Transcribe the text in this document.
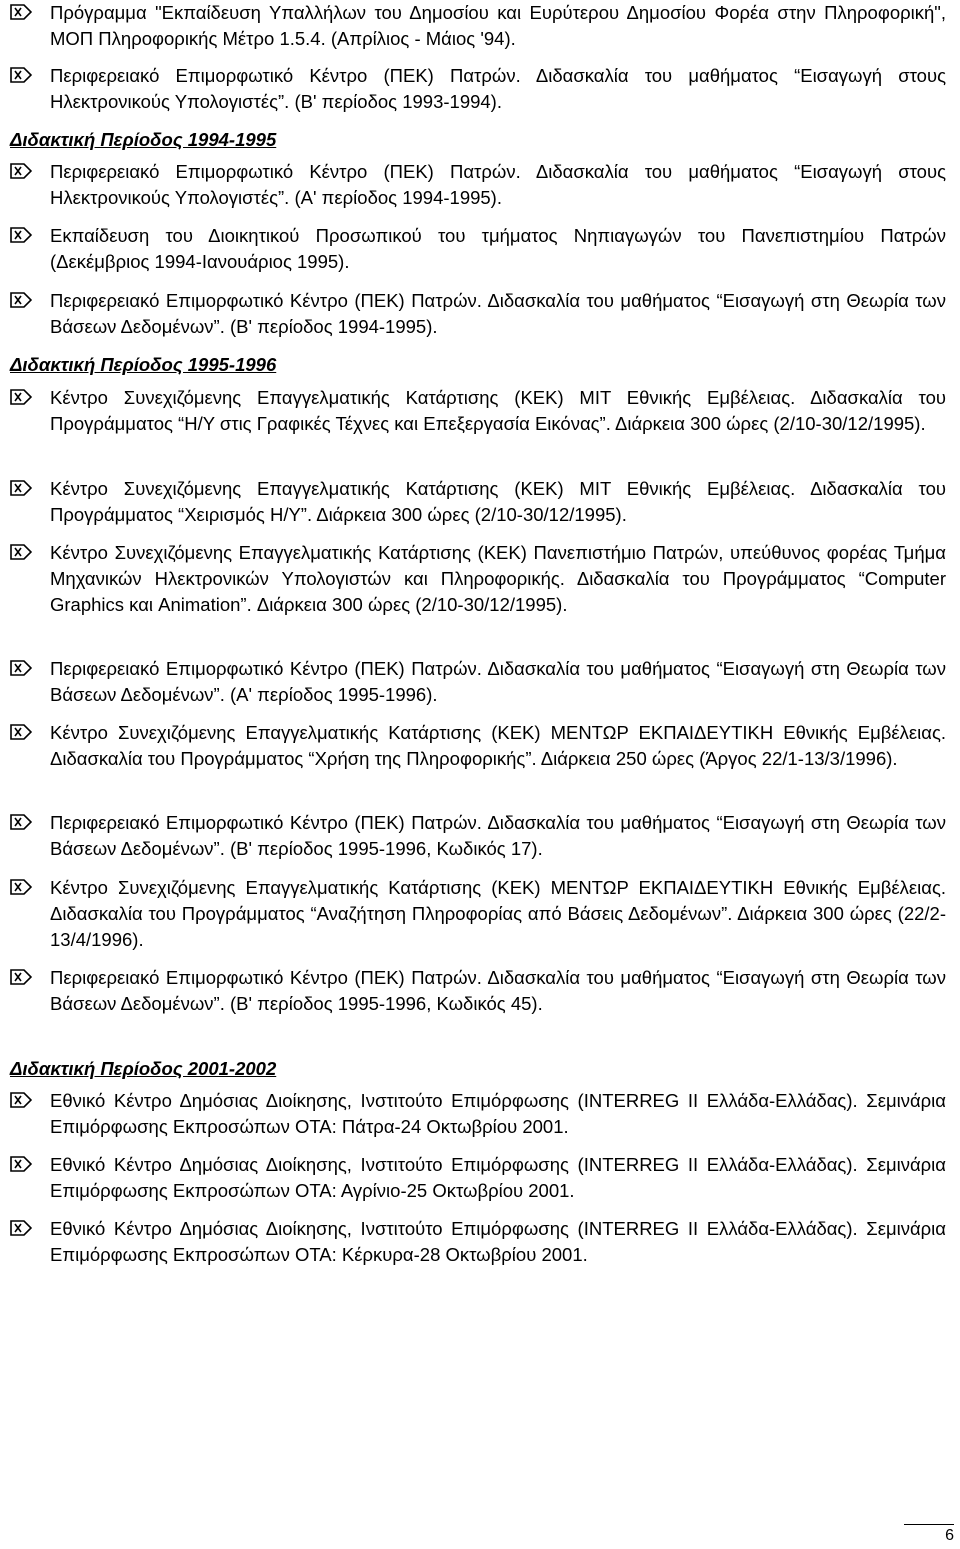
Πρόγραμμα "Εκπαίδευση Υπαλλήλων του Δημοσίου και Ευρύτερου Δημοσίου Φορέα στην Πληροφορική", ΜΟΠ Πληροφορικής Μέτρο 1.5.4. (Απρίλιος - Μάιος '94).
Περιφερειακό Επιμορφωτικό Κέντρο (ΠΕΚ) Πατρών. Διδασκαλία του μαθήματος “Εισαγωγή στους Ηλεκτρονικούς Υπολογιστές”. (Β' περίοδος 1993-1994).
Διδακτική Περίοδος 1994-1995
Περιφερειακό Επιμορφωτικό Κέντρο (ΠΕΚ) Πατρών. Διδασκαλία του μαθήματος “Εισαγωγή στους Ηλεκτρονικούς Υπολογιστές”. (Α' περίοδος 1994-1995).
Εκπαίδευση του Διοικητικού Προσωπικού του τμήματος Νηπιαγωγών του Πανεπιστημίου Πατρών (Δεκέμβριος 1994-Ιανουάριος 1995).
Περιφερειακό Επιμορφωτικό Κέντρο (ΠΕΚ) Πατρών. Διδασκαλία του μαθήματος “Εισαγωγή στη Θεωρία των Βάσεων Δεδομένων”. (Β' περίοδος 1994-1995).
Διδακτική Περίοδος 1995-1996
Κέντρο Συνεχιζόμενης Επαγγελματικής Κατάρτισης (ΚΕΚ) ΜΙΤ Εθνικής Εμβέλειας. Διδασκαλία του Προγράμματος “Η/Υ στις Γραφικές Τέχνες και Επεξεργασία Εικόνας”. Διάρκεια 300 ώρες (2/10-30/12/1995).
Κέντρο Συνεχιζόμενης Επαγγελματικής Κατάρτισης (ΚΕΚ) ΜΙΤ Εθνικής Εμβέλειας. Διδασκαλία του Προγράμματος “Χειρισμός Η/Υ”. Διάρκεια 300 ώρες (2/10-30/12/1995).
Κέντρο Συνεχιζόμενης Επαγγελματικής Κατάρτισης (ΚΕΚ) Πανεπιστήμιο Πατρών, υπεύθυνος φορέας Τμήμα Μηχανικών Ηλεκτρονικών Υπολογιστών και Πληροφορικής. Διδασκαλία του Προγράμματος “Computer Graphics και Animation”. Διάρκεια 300 ώρες (2/10-30/12/1995).
Περιφερειακό Επιμορφωτικό Κέντρο (ΠΕΚ) Πατρών. Διδασκαλία του μαθήματος “Εισαγωγή στη Θεωρία των Βάσεων Δεδομένων”. (Α' περίοδος 1995-1996).
Κέντρο Συνεχιζόμενης Επαγγελματικής Κατάρτισης (ΚΕΚ) ΜΕΝΤΩΡ ΕΚΠΑΙΔΕΥΤΙΚΗ Εθνικής Εμβέλειας. Διδασκαλία του Προγράμματος “Χρήση της Πληροφορικής”. Διάρκεια 250 ώρες (Άργος 22/1-13/3/1996).
Περιφερειακό Επιμορφωτικό Κέντρο (ΠΕΚ) Πατρών. Διδασκαλία του μαθήματος “Εισαγωγή στη Θεωρία των Βάσεων Δεδομένων”. (Β' περίοδος 1995-1996, Κωδικός 17).
Κέντρο Συνεχιζόμενης Επαγγελματικής Κατάρτισης (ΚΕΚ) ΜΕΝΤΩΡ ΕΚΠΑΙΔΕΥΤΙΚΗ Εθνικής Εμβέλειας. Διδασκαλία του Προγράμματος “Αναζήτηση Πληροφορίας από Βάσεις Δεδομένων”. Διάρκεια 300 ώρες (22/2-13/4/1996).
Περιφερειακό Επιμορφωτικό Κέντρο (ΠΕΚ) Πατρών. Διδασκαλία του μαθήματος “Εισαγωγή στη Θεωρία των Βάσεων Δεδομένων”. (Β' περίοδος 1995-1996, Κωδικός 45).
Διδακτική Περίοδος 2001-2002
Εθνικό Κέντρο Δημόσιας Διοίκησης, Ινστιτούτο Επιμόρφωσης (INTERREG II Ελλάδα-Ελλάδας). Σεμινάρια Επιμόρφωσης Εκπροσώπων ΟΤΑ: Πάτρα-24 Οκτωβρίου 2001.
Εθνικό Κέντρο Δημόσιας Διοίκησης, Ινστιτούτο Επιμόρφωσης (INTERREG II Ελλάδα-Ελλάδας). Σεμινάρια Επιμόρφωσης Εκπροσώπων ΟΤΑ: Αγρίνιο-25 Οκτωβρίου 2001.
Εθνικό Κέντρο Δημόσιας Διοίκησης, Ινστιτούτο Επιμόρφωσης (INTERREG II Ελλάδα-Ελλάδας). Σεμινάρια Επιμόρφωσης Εκπροσώπων ΟΤΑ: Κέρκυρα-28 Οκτωβρίου 2001.
6
